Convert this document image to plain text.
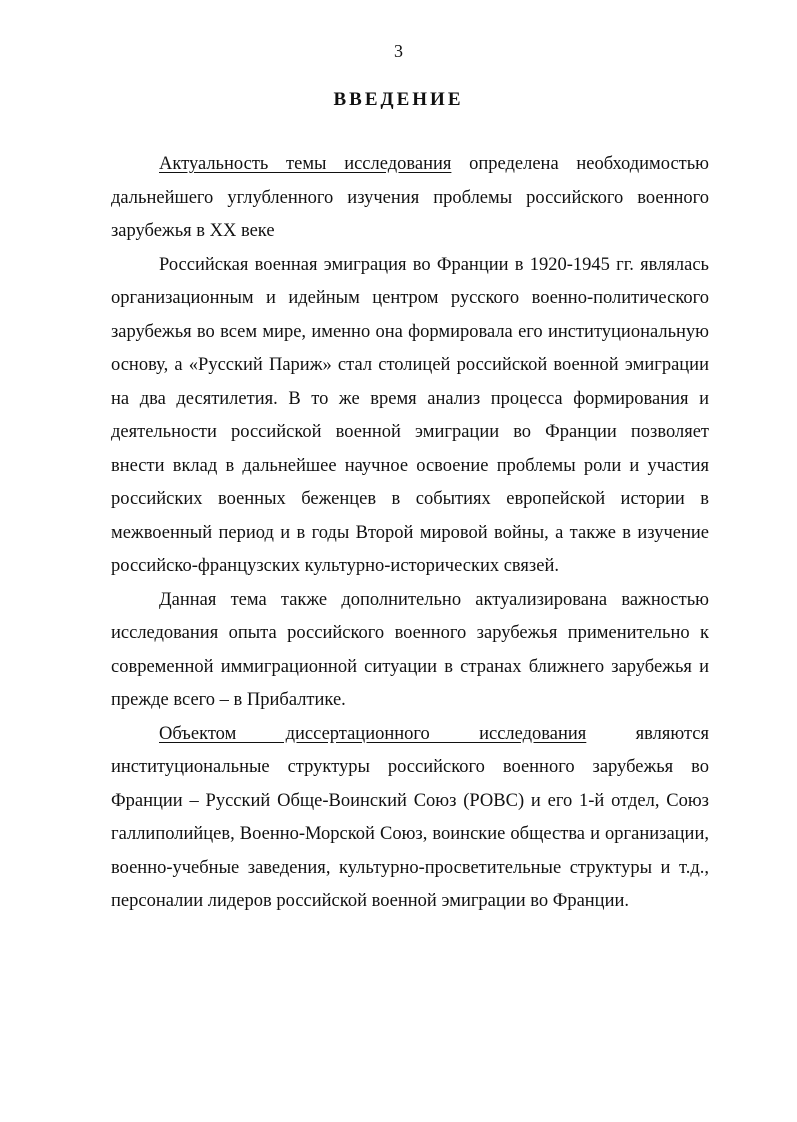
3
ВВЕДЕНИЕ

Актуальность темы исследования определена необходимостью дальнейшего углубленного изучения проблемы российского военного зарубежья в XX веке

Российская военная эмиграция во Франции в 1920-1945 гг. являлась организационным и идейным центром русского военно-политического зарубежья во всем мире, именно она формировала его институциональную основу, а «Русский Париж» стал столицей российской военной эмиграции на два десятилетия. В то же время анализ процесса формирования и деятельности российской военной эмиграции во Франции позволяет внести вклад в дальнейшее научное освоение проблемы роли и участия российских военных беженцев в событиях европейской истории в межвоенный период и в годы Второй мировой войны, а также в изучение российско-французских культурно-исторических связей.

Данная тема также дополнительно актуализирована важностью исследования опыта российского военного зарубежья применительно к современной иммиграционной ситуации в странах ближнего зарубежья и прежде всего – в Прибалтике.

Объектом диссертационного исследования являются институциональные структуры российского военного зарубежья во Франции – Русский Обще-Воинский Союз (РОВС) и его 1-й отдел, Союз галлиполийцев, Военно-Морской Союз, воинские общества и организации, военно-учебные заведения, культурно-просветительные структуры и т.д., персоналии лидеров российской военной эмиграции во Франции.
